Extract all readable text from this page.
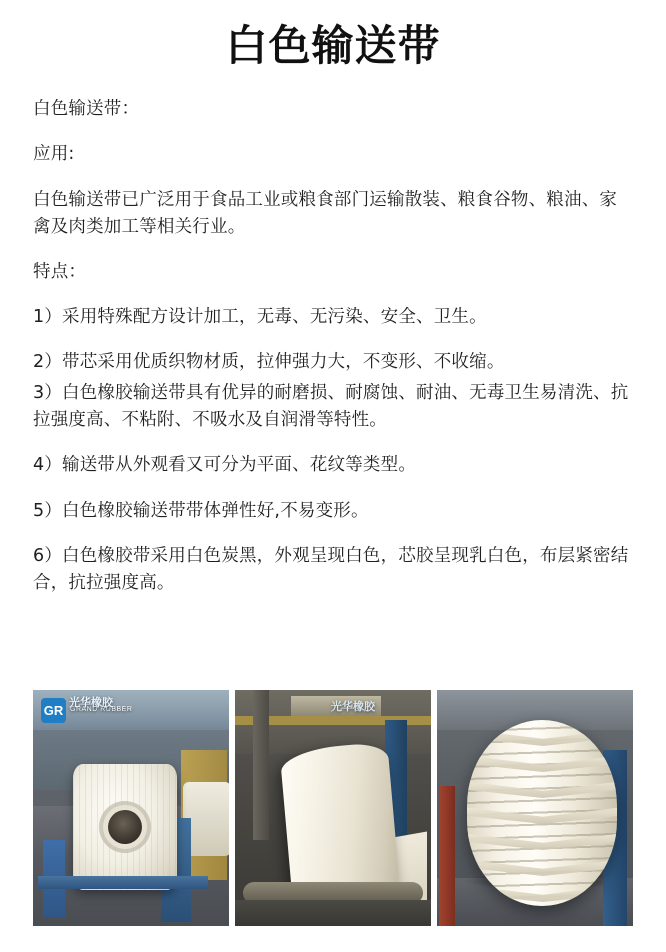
白色输送带

白色输送带：

应用:

白色输送带已广泛用于食品工业或粮食部门运输散装、粮食谷物、粮油、家禽及肉类加工等相关行业。

特点：

1）采用特殊配方设计加工，无毒、无污染、安全、卫生。

2）带芯采用优质织物材质，拉伸强力大，不变形、不收缩。

3）白色橡胶输送带具有优异的耐磨损、耐腐蚀、耐油、无毒卫生易清洗、抗拉强度高、不粘附、不吸水及自润滑等特性。

4）输送带从外观看又可分为平面、花纹等类型。

5）白色橡胶输送带带体弹性好,不易变形。

6）白色橡胶带采用白色炭黑，外观呈现白色，芯胶呈现乳白色，布层紧密结合，抗拉强度高。

GR GRAND RUBBER
光华橡胶	光华橡胶
